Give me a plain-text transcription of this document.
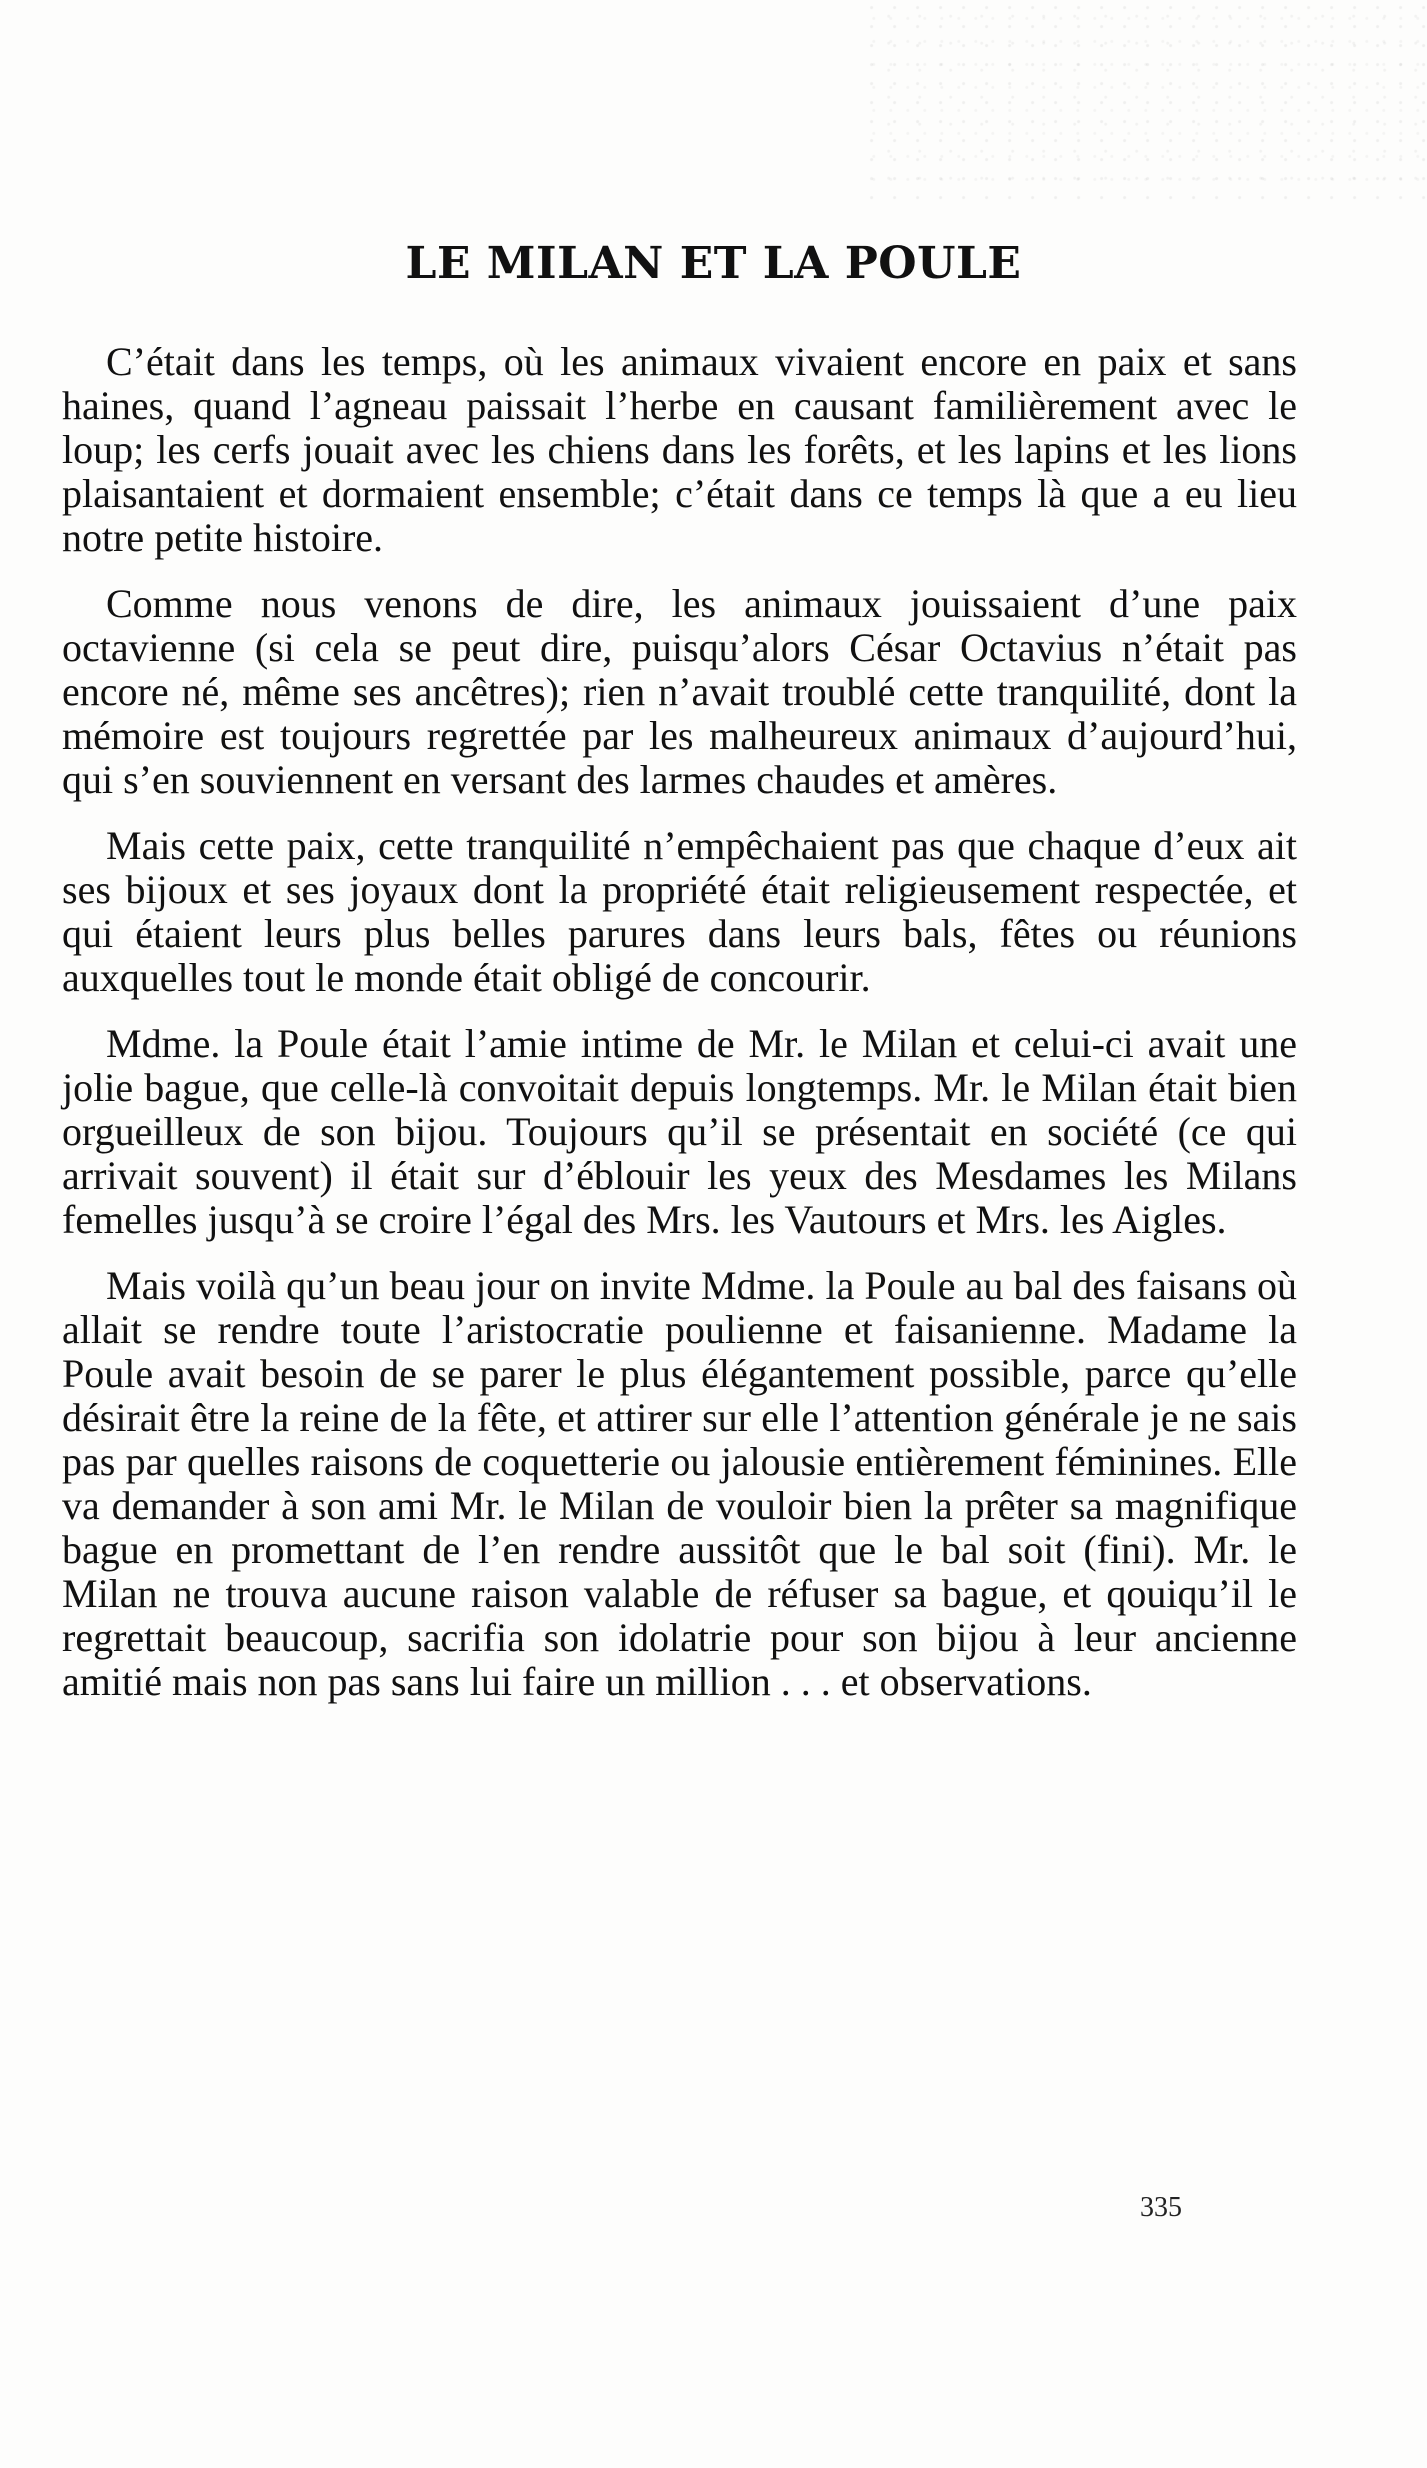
LE MILAN ET LA POULE

C’était dans les temps, où les animaux vivaient encore en paix et sans haines, quand l’agneau paissait l’herbe en causant familièrement avec le loup; les cerfs jouait avec les chiens dans les forêts, et les lapins et les lions plaisantaient et dormaient ensemble; c’était dans ce temps là que a eu lieu notre petite histoire.

Comme nous venons de dire, les animaux jouissaient d’une paix octavienne (si cela se peut dire, puisqu’alors César Octavius n’était pas encore né, même ses ancêtres); rien n’avait troublé cette tranquilité, dont la mémoire est toujours regrettée par les malheureux animaux d’aujourd’hui, qui s’en souviennent en versant des larmes chaudes et amères.

Mais cette paix, cette tranquilité n’empêchaient pas que chaque d’eux ait ses bijoux et ses joyaux dont la propriété était religieusement respectée, et qui étaient leurs plus belles parures dans leurs bals, fêtes ou réunions auxquelles tout le monde était obligé de concourir.

Mdme. la Poule était l’amie intime de Mr. le Milan et celui-ci avait une jolie bague, que celle-là convoitait depuis longtemps. Mr. le Milan était bien orgueilleux de son bijou. Toujours qu’il se présentait en société (ce qui arrivait souvent) il était sur d’éblouir les yeux des Mesdames les Milans femelles jusqu’à se croire l’égal des Mrs. les Vautours et Mrs. les Aigles.

Mais voilà qu’un beau jour on invite Mdme. la Poule au bal des faisans où allait se rendre toute l’aristocratie poulienne et faisanienne. Madame la Poule avait besoin de se parer le plus élégantement possible, parce qu’elle désirait être la reine de la fête, et attirer sur elle l’attention générale je ne sais pas par quelles raisons de coquetterie ou jalousie entièrement féminines. Elle va demander à son ami Mr. le Milan de vouloir bien la prêter sa magnifique bague en promettant de l’en rendre aussitôt que le bal soit (fini). Mr. le Milan ne trouva aucune raison valable de réfuser sa bague, et qouiqu’il le regrettait beaucoup, sacrifia son idolatrie pour son bijou à leur ancienne amitié mais non pas sans lui faire un million . . . et observations.

335
